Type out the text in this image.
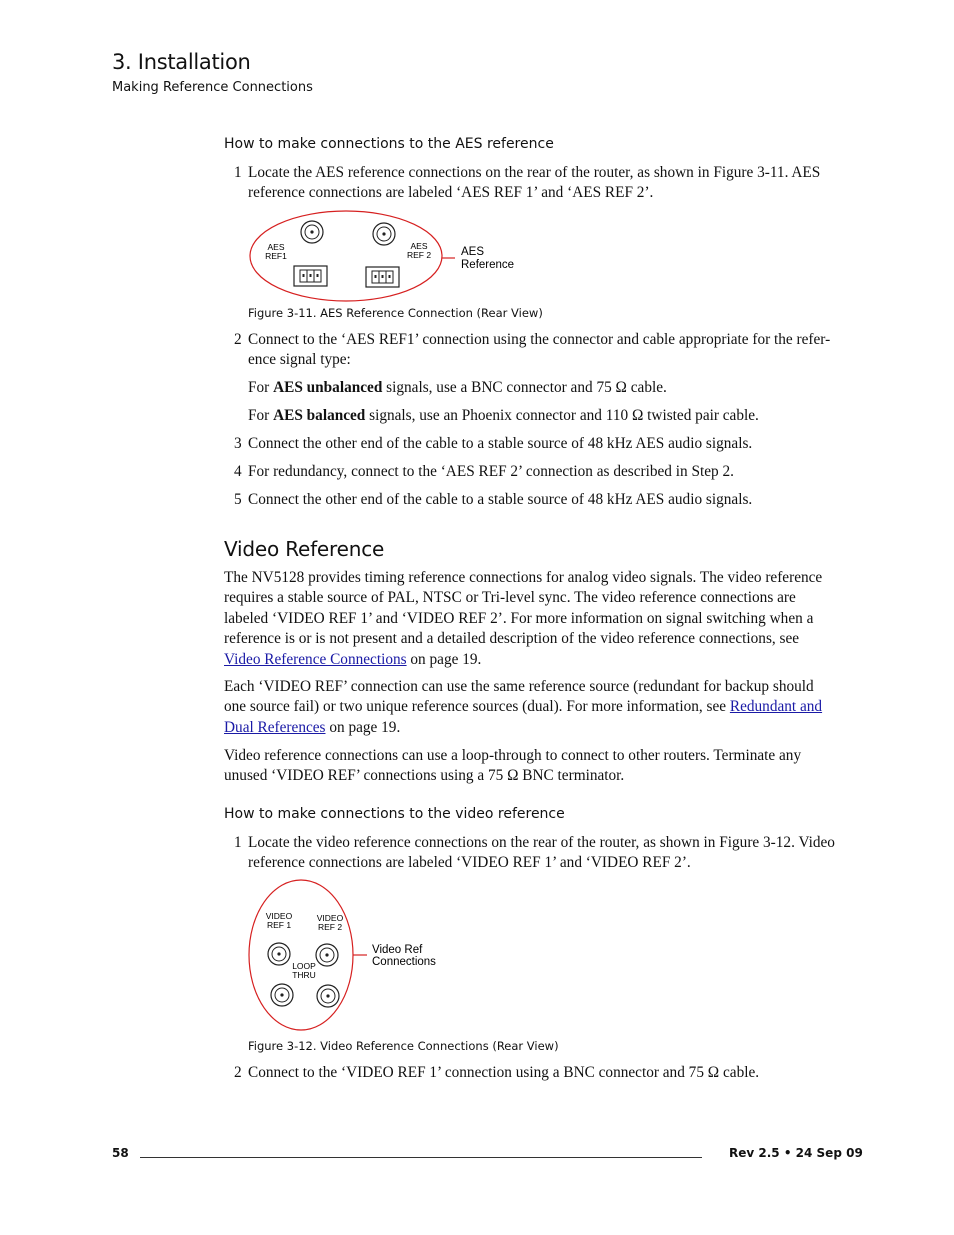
3. Installation
Making Reference Connections
How to make connections to the AES reference
1 Locate the AES reference connections on the rear of the router, as shown in Figure 3-11. AES
reference connections are labeled ‘AES REF 1’ and ‘AES REF 2’.
AES
REF1
AES
REF 2	AES
Reference
Figure 3-11. AES Reference Connection (Rear View)
2 Connect to the ‘AES REF1’ connection using the connector and cable appropriate for the refer-
ence signal type:
For AES unbalanced signals, use a BNC connector and 75 Ω cable.
For AES balanced signals, use an Phoenix connector and 110 Ω twisted pair cable.
3 Connect the other end of the cable to a stable source of 48 kHz AES audio signals.
4 For redundancy, connect to the ‘AES REF 2’ connection as described in Step 2.
5 Connect the other end of the cable to a stable source of 48 kHz AES audio signals.
Video Reference
The NV5128 provides timing reference connections for analog video signals. The video reference
requires a stable source of PAL, NTSC or Tri-level sync. The video reference connections are
labeled ‘VIDEO REF 1’ and ‘VIDEO REF 2’. For more information on signal switching when a
reference is or is not present and a detailed description of the video reference connections, see
Video Reference Connections on page 19.
Each ‘VIDEO REF’ connection can use the same reference source (redundant for backup should
one source fail) or two unique reference sources (dual). For more information, see Redundant and
Dual References on page 19.
Video reference connections can use a loop-through to connect to other routers. Terminate any
unused ‘VIDEO REF’ connections using a 75 Ω BNC terminator.
How to make connections to the video reference
1 Locate the video reference connections on the rear of the router, as shown in Figure 3-12. Video
reference connections are labeled ‘VIDEO REF 1’ and ‘VIDEO REF 2’.
VIDEO
REF 1
VIDEO
REF 2
LOOP
THRU
Video Ref
Connections
Figure 3-12. Video Reference Connections (Rear View)
2 Connect to the ‘VIDEO REF 1’ connection using a BNC connector and 75 Ω cable.
58	Rev 2.5 • 24 Sep 09
